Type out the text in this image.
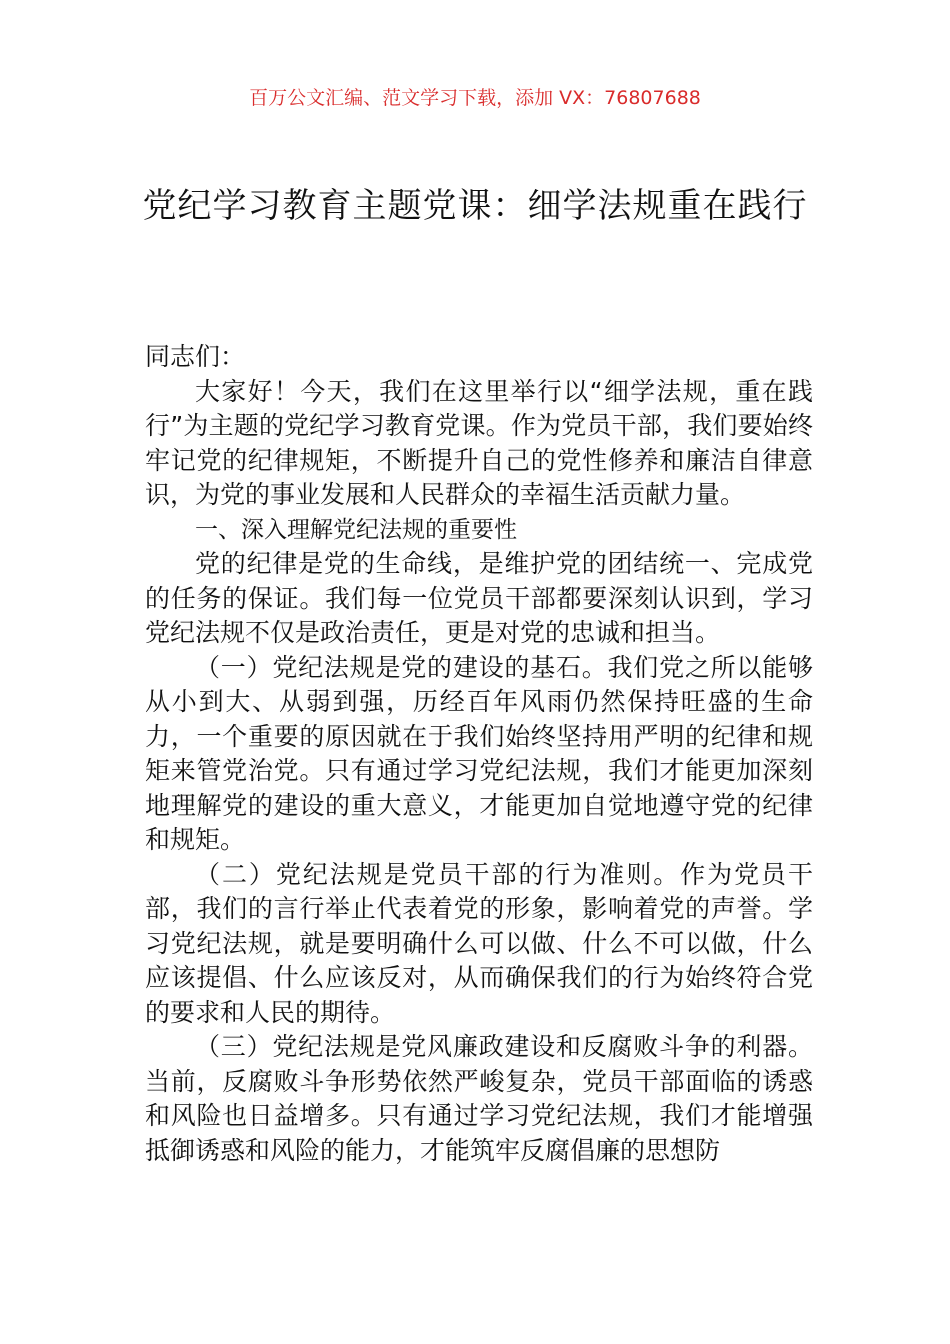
百万公文汇编、范文学习下载，添加 VX：76807688
党纪学习教育主题党课：细学法规重在践行

同志们：

大家好！今天，我们在这里举行以“细学法规，重在践行”为主题的党纪学习教育党课。作为党员干部，我们要始终牢记党的纪律规矩，不断提升自己的党性修养和廉洁自律意识，为党的事业发展和人民群众的幸福生活贡献力量。

一、深入理解党纪法规的重要性

党的纪律是党的生命线，是维护党的团结统一、完成党的任务的保证。我们每一位党员干部都要深刻认识到，学习党纪法规不仅是政治责任，更是对党的忠诚和担当。

（一）党纪法规是党的建设的基石。我们党之所以能够从小到大、从弱到强，历经百年风雨仍然保持旺盛的生命力，一个重要的原因就在于我们始终坚持用严明的纪律和规矩来管党治党。只有通过学习党纪法规，我们才能更加深刻地理解党的建设的重大意义，才能更加自觉地遵守党的纪律和规矩。

（二）党纪法规是党员干部的行为准则。作为党员干部，我们的言行举止代表着党的形象，影响着党的声誉。学习党纪法规，就是要明确什么可以做、什么不可以做，什么应该提倡、什么应该反对，从而确保我们的行为始终符合党的要求和人民的期待。

（三）党纪法规是党风廉政建设和反腐败斗争的利器。当前，反腐败斗争形势依然严峻复杂，党员干部面临的诱惑和风险也日益增多。只有通过学习党纪法规，我们才能增强抵御诱惑和风险的能力，才能筑牢反腐倡廉的思想防
